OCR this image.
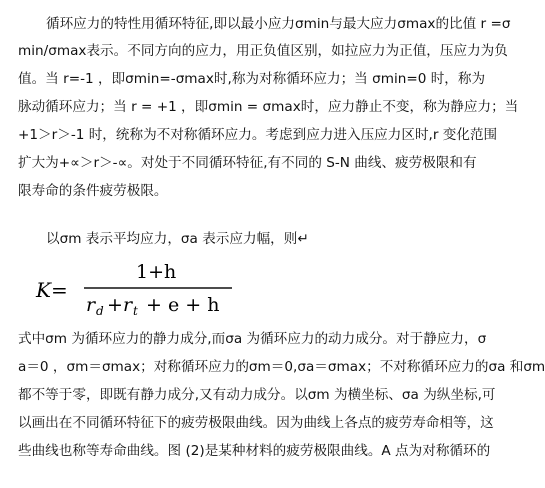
循环应力的特性用循环特征,即以最小应力σmin与最大应力σmax的比值 r =σ
min/σmax表示。不同方向的应力，用正负值区别，如拉应力为正值，压应力为负
值。当 r=-1 ，即σmin=-σmax时,称为对称循环应力；当 σmin=0 时，称为
脉动循环应力；当 r = +1 ，即σmin = σmax时，应力静止不变，称为静应力；当
+1＞r＞-1 时，统称为不对称循环应力。考虑到应力进入压应力区时,r 变化范围
扩大为+∝＞r＞-∝。对处于不同循环特征,有不同的 S-N 曲线、疲劳极限和有
限寿命的条件疲劳极限。
以σm 表示平均应力，σa 表示应力幅，则↵
K=
1+h
r d + r t + e + h
式中σm 为循环应力的静力成分,而σa 为循环应力的动力成分。对于静应力，σ
a＝0 ，σm＝σmax；对称循环应力的σm＝0,σa＝σmax；不对称循环应力的σa 和σm
都不等于零，即既有静力成分,又有动力成分。以σm 为横坐标、σa 为纵坐标,可
以画出在不同循环特征下的疲劳极限曲线。因为曲线上各点的疲劳寿命相等，这
些曲线也称等寿命曲线。图 (2)是某种材料的疲劳极限曲线。A 点为对称循环的
